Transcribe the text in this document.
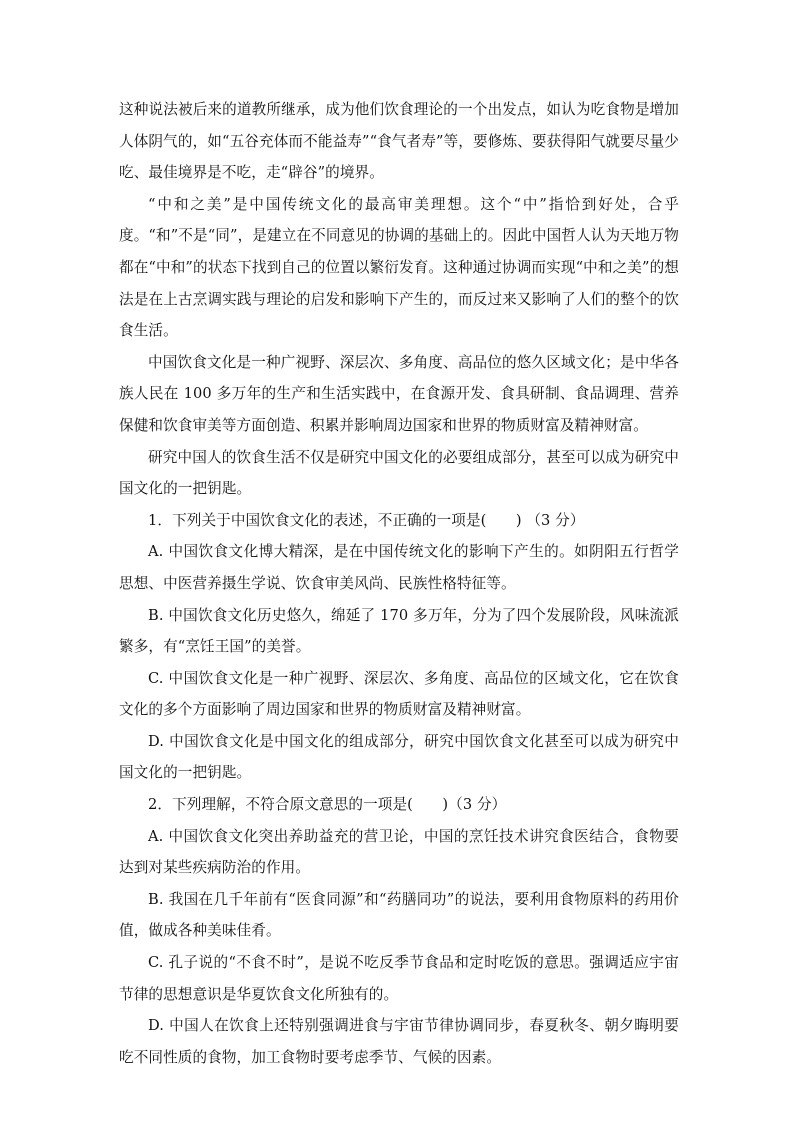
这种说法被后来的道教所继承，成为他们饮食理论的一个出发点，如认为吃食物是增加人体阴气的，如“五谷充体而不能益寿”“食气者寿”等，要修炼、要获得阳气就要尽量少吃、最佳境界是不吃，走“辟谷”的境界。

“中和之美”是中国传统文化的最高审美理想。这个“中”指恰到好处，合乎度。“和”不是“同”，是建立在不同意见的协调的基础上的。因此中国哲人认为天地万物都在“中和”的状态下找到自己的位置以繁衍发育。这种通过协调而实现“中和之美”的想法是在上古烹调实践与理论的启发和影响下产生的，而反过来又影响了人们的整个的饮食生活。

中国饮食文化是一种广视野、深层次、多角度、高品位的悠久区域文化；是中华各族人民在 100 多万年的生产和生活实践中，在食源开发、食具研制、食品调理、营养保健和饮食审美等方面创造、积累并影响周边国家和世界的物质财富及精神财富。

研究中国人的饮食生活不仅是研究中国文化的必要组成部分，甚至可以成为研究中国文化的一把钥匙。

1．下列关于中国饮食文化的表述，不正确的一项是(　　) （3 分）

A. 中国饮食文化博大精深，是在中国传统文化的影响下产生的。如阴阳五行哲学思想、中医营养摄生学说、饮食审美风尚、民族性格特征等。

B. 中国饮食文化历史悠久，绵延了 170 多万年，分为了四个发展阶段，风味流派繁多，有“烹饪王国”的美誉。

C. 中国饮食文化是一种广视野、深层次、多角度、高品位的区域文化，它在饮食文化的多个方面影响了周边国家和世界的物质财富及精神财富。

D. 中国饮食文化是中国文化的组成部分，研究中国饮食文化甚至可以成为研究中国文化的一把钥匙。

2．下列理解，不符合原文意思的一项是(　　)（3 分）

A. 中国饮食文化突出养助益充的营卫论，中国的烹饪技术讲究食医结合，食物要达到对某些疾病防治的作用。

B. 我国在几千年前有“医食同源”和“药膳同功”的说法，要利用食物原料的药用价值，做成各种美味佳肴。

C. 孔子说的“不食不时”，是说不吃反季节食品和定时吃饭的意思。强调适应宇宙节律的思想意识是华夏饮食文化所独有的。

D. 中国人在饮食上还特别强调进食与宇宙节律协调同步，春夏秋冬、朝夕晦明要吃不同性质的食物，加工食物时要考虑季节、气候的因素。
